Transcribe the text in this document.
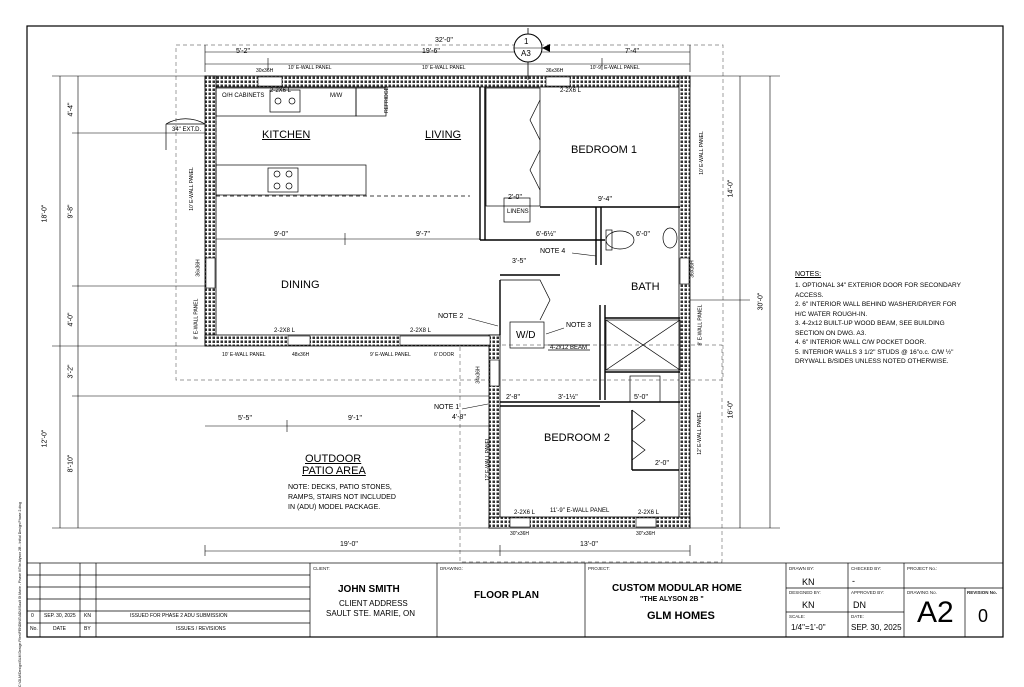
KITCHEN	LIVING
BEDROOM 1
DINING	BATH
W/D
BEDROOM 2
OUTDOOR
PATIO AREA
NOTE: DECKS, PATIO STONES,
RAMPS, STAIRS NOT INCLUDED
IN (ADU) MODEL PACKAGE.
32'-0"
5'-2"	19'-6"	7'-4"
30x36H	10' E-WALL PANEL	10' E-WALL PANEL	36x36H	10'-9" E-WALL PANEL
18'-0"
4'-4"
9'-8"
4'-0"
12'-0"
3'-2"
8'-10"
34" EXT.D.
10' E-WALL PANEL
36x36H
8' E-WALL PANEL	30'-0"
14'-0"
16'-0"
10' E-WALL PANEL
36x36H
8' E-WALL PANEL
12' E-WALL PANEL
O/H CABINETS
2-2X6 L
M/W	REFRIDGE	2-2X6 L
LINENS
9'-0"	9'-7"
9'-4"
2'-0"
6'-6½"	6'-0"
3'-5"
2'-8"	3'-1½"	5'-0"
4'-8"
5'-5"	9'-1"
19'-0"	13'-0"
2'-0"
2-2X8 L	2-2X8 L
48x36H
10' E-WALL PANEL	9' E-WALL PANEL	6' DOOR
34x36H
12' E-WALL PANEL
2-2X6 L 11'-9" E-WALL PANEL	2-2X6 L
30"x36H	30"x36H
NOTE 1
NOTE 2
NOTE 3
NOTE 4
4-2x12 BEAM
1
A3
NOTES:
1. OPTIONAL 34" EXTERIOR DOOR FOR SECONDARY
ACCESS.
2. 6" INTERIOR WALL BEHIND WASHER/DRYER FOR
H/C WATER ROUGH-IN.
3. 4-2x12 BUILT-UP WOOD BEAM, SEE BUILDING
SECTION ON DWG. A3.
4. 6" INTERIOR WALL C/W POCKET DOOR.
5. INTERIOR WALLS 3 1/2" STUDS @ 16"o.c. C/W ½"
DRYWALL B/SIDES UNLESS NOTED OTHERWISE.
C:\GLM\Design\GLM Design Files\PENDING\ADU\Sault St Marie - Phase II\The Alyson 2B - Initial Design Phase 2.dwg 0 SEP. 30, 2025 KN	ISSUED FOR PHASE 2 ADU SUBMISSION
No.	DATE	BY	ISSUES / REVISIONS
CLIENT:
JOHN SMITH
CLIENT ADDRESS
SAULT STE. MARIE, ON
DRAWING:
FLOOR PLAN
PROJECT:
CUSTOM MODULAR HOME
"THE ALYSON 2B "
GLM HOMES
DRAWN BY:
KN
CHECKED BY:
-
PROJECT No.:
DESIGNED BY:
KN
APPROVED BY:
DN
DRAWING No.
A2
REVISION No.
0
SCALE:
1/4"=1'-0"
DATE:
SEP. 30, 2025
